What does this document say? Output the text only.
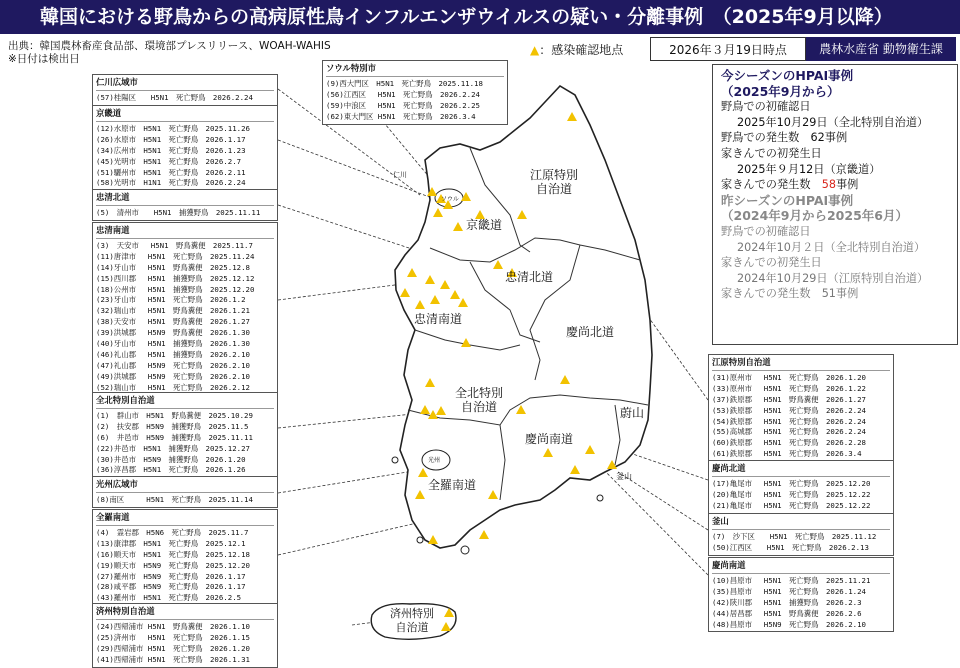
韓国における野鳥からの高病原性鳥インフルエンザウイルスの疑い・分離事例　（2025年9月以降）
出典：韓国農林畜産食品部、環境部プレスリリース、WOAH-WAHIS
※日付は検出日
▲：感染確認地点	2026年３月19日時点	農林水産省 動物衛生課
江原特別
自治道
京畿道
忠清北道
忠清南道
慶尚北道
全北特別
自治道
慶尚南道
全羅南道
済州特別
自治道
蔚山
釜山
仁川
ソウル
光州
今シーズンのHPAI事例
（2025年9月から）
野鳥での初確認日
2025年10月29日（全北特別自治道）
野鳥での発生数　 62事例
家きんでの初発生日
2025年９月12日（京畿道）
家きんでの発生数　 58事例
昨シーズンのHPAI事例
（2024年9月から2025年6月）
野鳥での初確認日
2024年10月２日（全北特別自治道）
家きんでの初発生日
2024年10月29日（江原特別自治道）
家きんでの発生数　51事例
仁川広域市
(57)桂陽区　　H5N1　死亡野鳥　2026.2.24
ソウル特別市
(9)西大門区　H5N1　死亡野鳥　2025.11.18
(56)江西区　 H5N1　死亡野鳥　2026.2.24
(59)中浪区　 H5N1　死亡野鳥　2026.2.25
(62)東大門区 H5N1　死亡野鳥　2026.3.4
京畿道
(12)水原市　H5N1　死亡野鳥　2025.11.26
(26)水原市　H5N1　死亡野鳥　2026.1.17
(34)広州市　H5N1　死亡野鳥　2026.1.23
(45)光明市　H5N1　死亡野鳥　2026.2.7
(51)驪州市　H5N1　死亡野鳥　2026.2.11
(58)光明市　H1N1　死亡野鳥　2026.2.24
忠清北道
(5)　清州市　　H5N1　捕獲野鳥　2025.11.11
忠清南道
(3)　天安市　 H5N1　野鳥糞便　2025.11.7
(11)唐津市　 H5N1　死亡野鳥　2025.11.24
(14)牙山市　 H5N1　野鳥糞便　2025.12.8
(15)西川郡　 H5N1　捕獲野鳥　2025.12.12
(18)公州市　 H5N1　捕獲野鳥　2025.12.20
(23)牙山市　 H5N1　死亡野鳥　2026.1.2
(32)瑞山市　 H5N1　野鳥糞便　2026.1.21
(38)天安市　 H5N1　野鳥糞便　2026.1.27
(39)洪城郡　 H5N9　野鳥糞便　2026.1.30
(40)牙山市　 H5N1　捕獲野鳥　2026.1.30
(46)礼山郡　 H5N1　捕獲野鳥　2026.2.10
(47)礼山郡　 H5N9　死亡野鳥　2026.2.10
(49)洪城郡　 H5N9　死亡野鳥　2026.2.10
(52)瑞山市　 H5N1　死亡野鳥　2026.2.12
全北特別自治道
(1)　群山市　H5N1　野鳥糞便　2025.10.29
(2)　扶安郡　H5N9　捕獲野鳥　2025.11.5
(6)　井邑市　H5N9　捕獲野鳥　2025.11.11
(22)井邑市　H5N1　捕獲野鳥　2025.12.27
(30)井邑市　H5N9　捕獲野鳥　2026.1.20
(36)淳昌郡　H5N1　死亡野鳥　2026.1.26
光州広域市
(8)南区　　　H5N1　死亡野鳥　2025.11.14
全羅南道
(4)　霊岩郡　H5N6　死亡野鳥　2025.11.7
(13)康津郡　H5N1　死亡野鳥　2025.12.1
(16)順天市　H5N1　死亡野鳥　2025.12.18
(19)順天市　H5N9　死亡野鳥　2025.12.20
(27)羅州市　H5N9　死亡野鳥　2026.1.17
(28)咸平郡　H5N9　死亡野鳥　2026.1.17
(43)羅州市　H5N1　死亡野鳥　2026.2.5
済州特別自治道
(24)西帰浦市 H5N1　野鳥糞便　2026.1.10
(25)済州市　 H5N1　死亡野鳥　2026.1.15
(29)西帰浦市 H5N1　死亡野鳥　2026.1.20
(41)西帰浦市 H5N1　死亡野鳥　2026.1.31
江原特別自治道
(31)原州市　 H5N1　死亡野鳥　2026.1.20
(33)原州市　 H5N1　死亡野鳥　2026.1.22
(37)鉄原郡　 H5N1　野鳥糞便　2026.1.27
(53)鉄原郡　 H5N1　死亡野鳥　2026.2.24
(54)鉄原郡　 H5N1　死亡野鳥　2026.2.24
(55)高城郡　 H5N1　死亡野鳥　2026.2.24
(60)鉄原郡　 H5N1　死亡野鳥　2026.2.28
(61)鉄原郡　 H5N1　死亡野鳥　2026.3.4
慶尚北道
(17)亀尾市　 H5N1　死亡野鳥　2025.12.20
(20)亀尾市　 H5N1　死亡野鳥　2025.12.22
(21)亀尾市　 H5N1　死亡野鳥　2025.12.22
釜山
(7)　沙下区　　H5N1　死亡野鳥　2025.11.12
(50)江西区　　H5N1　死亡野鳥　2026.2.13
慶尚南道
(10)昌原市　 H5N1　死亡野鳥　2025.11.21
(35)昌原市　 H5N1　死亡野鳥　2026.1.24
(42)陝川郡　 H5N1　捕獲野鳥　2026.2.3
(44)居昌郡　 H5N1　野鳥糞便　2026.2.6
(48)昌原市　 H5N9　死亡野鳥　2026.2.10
